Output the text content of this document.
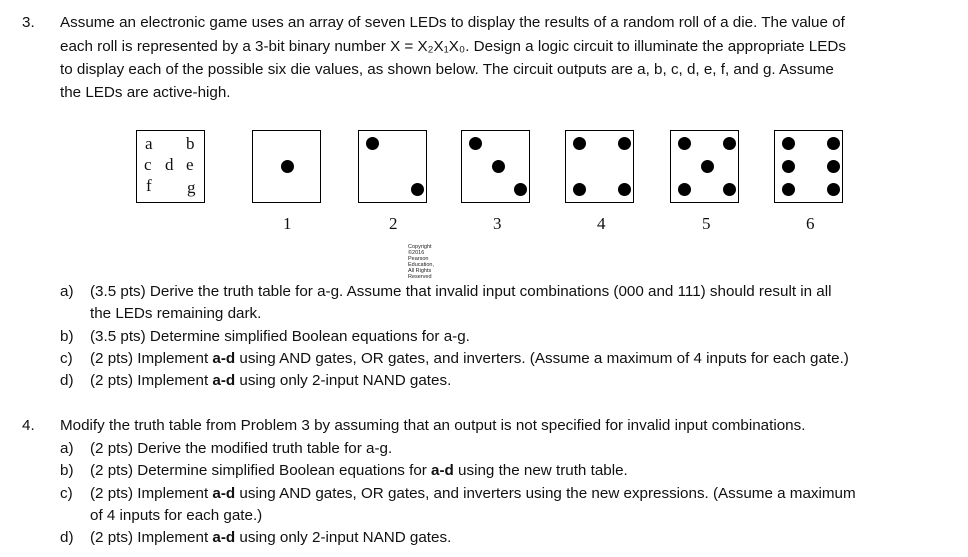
3. Assume an electronic game uses an array of seven LEDs to display the results of a random roll of a die. The value of
each roll is represented by a 3-bit binary number X = X₂X₁X₀. Design a logic circuit to illuminate the appropriate LEDs
to display each of the possible six die values, as shown below. The circuit outputs are a, b, c, d, e, f, and g. Assume
the LEDs are active-high.
a b
c d e
f g
1	2	3	4	5	6
Copyright ©2016 Pearson Education, All Rights Reserved
a) (3.5 pts) Derive the truth table for a-g. Assume that invalid input combinations (000 and 111) should result in all
the LEDs remaining dark.
b) (3.5 pts) Determine simplified Boolean equations for a-g.
c) (2 pts) Implement a-d using AND gates, OR gates, and inverters. (Assume a maximum of 4 inputs for each gate.)
d) (2 pts) Implement a-d using only 2-input NAND gates.
4. Modify the truth table from Problem 3 by assuming that an output is not specified for invalid input combinations.
a) (2 pts) Derive the modified truth table for a-g.
b) (2 pts) Determine simplified Boolean equations for a-d using the new truth table.
c) (2 pts) Implement a-d using AND gates, OR gates, and inverters using the new expressions. (Assume a maximum
of 4 inputs for each gate.)
d) (2 pts) Implement a-d using only 2-input NAND gates.
